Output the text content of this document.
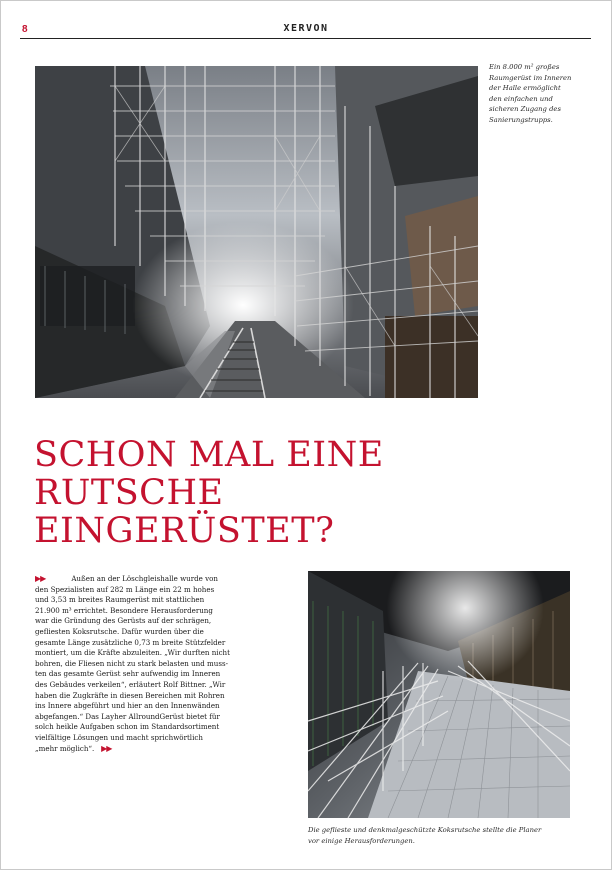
8	XERVON
Ein 8.000 m² großes
Raumgerüst im Inneren
der Halle ermöglicht
den einfachen und
sicheren Zugang des
Sanierungstrupps.
SCHON MAL EINE
RUTSCHE
EINGERÜSTET?
▶▶	Außen an der Löschgleishalle wurde von
den Spezialisten auf 282 m Länge ein 22 m hohes
und 3,53 m breites Raumgerüst mit stattlichen
21.900 m³ errichtet. Besondere Herausforderung
war die Gründung des Gerüsts auf der schrägen,
gefliesten Koksrutsche. Dafür wurden über die
gesamte Länge zusätzliche 0,73 m breite Stützfelder
montiert, um die Kräfte abzuleiten. „Wir durften nicht
bohren, die Fliesen nicht zu stark belasten und muss-
ten das gesamte Gerüst sehr aufwendig im Inneren
des Gebäudes verkeilen“, erläutert Rolf Bittner. „Wir
haben die Zugkräfte in diesen Bereichen mit Rohren
ins Innere abgeführt und hier an den Innenwänden
abgefangen.“ Das Layher AllroundGerüst bietet für
solch heikle Aufgaben schon im Standardsortiment
vielfältige Lösungen und macht sprichwörtlich
„mehr möglich“. ▶▶
Die geflieste und denkmalgeschützte Koksrutsche stellte die Planer
vor einige Herausforderungen.
